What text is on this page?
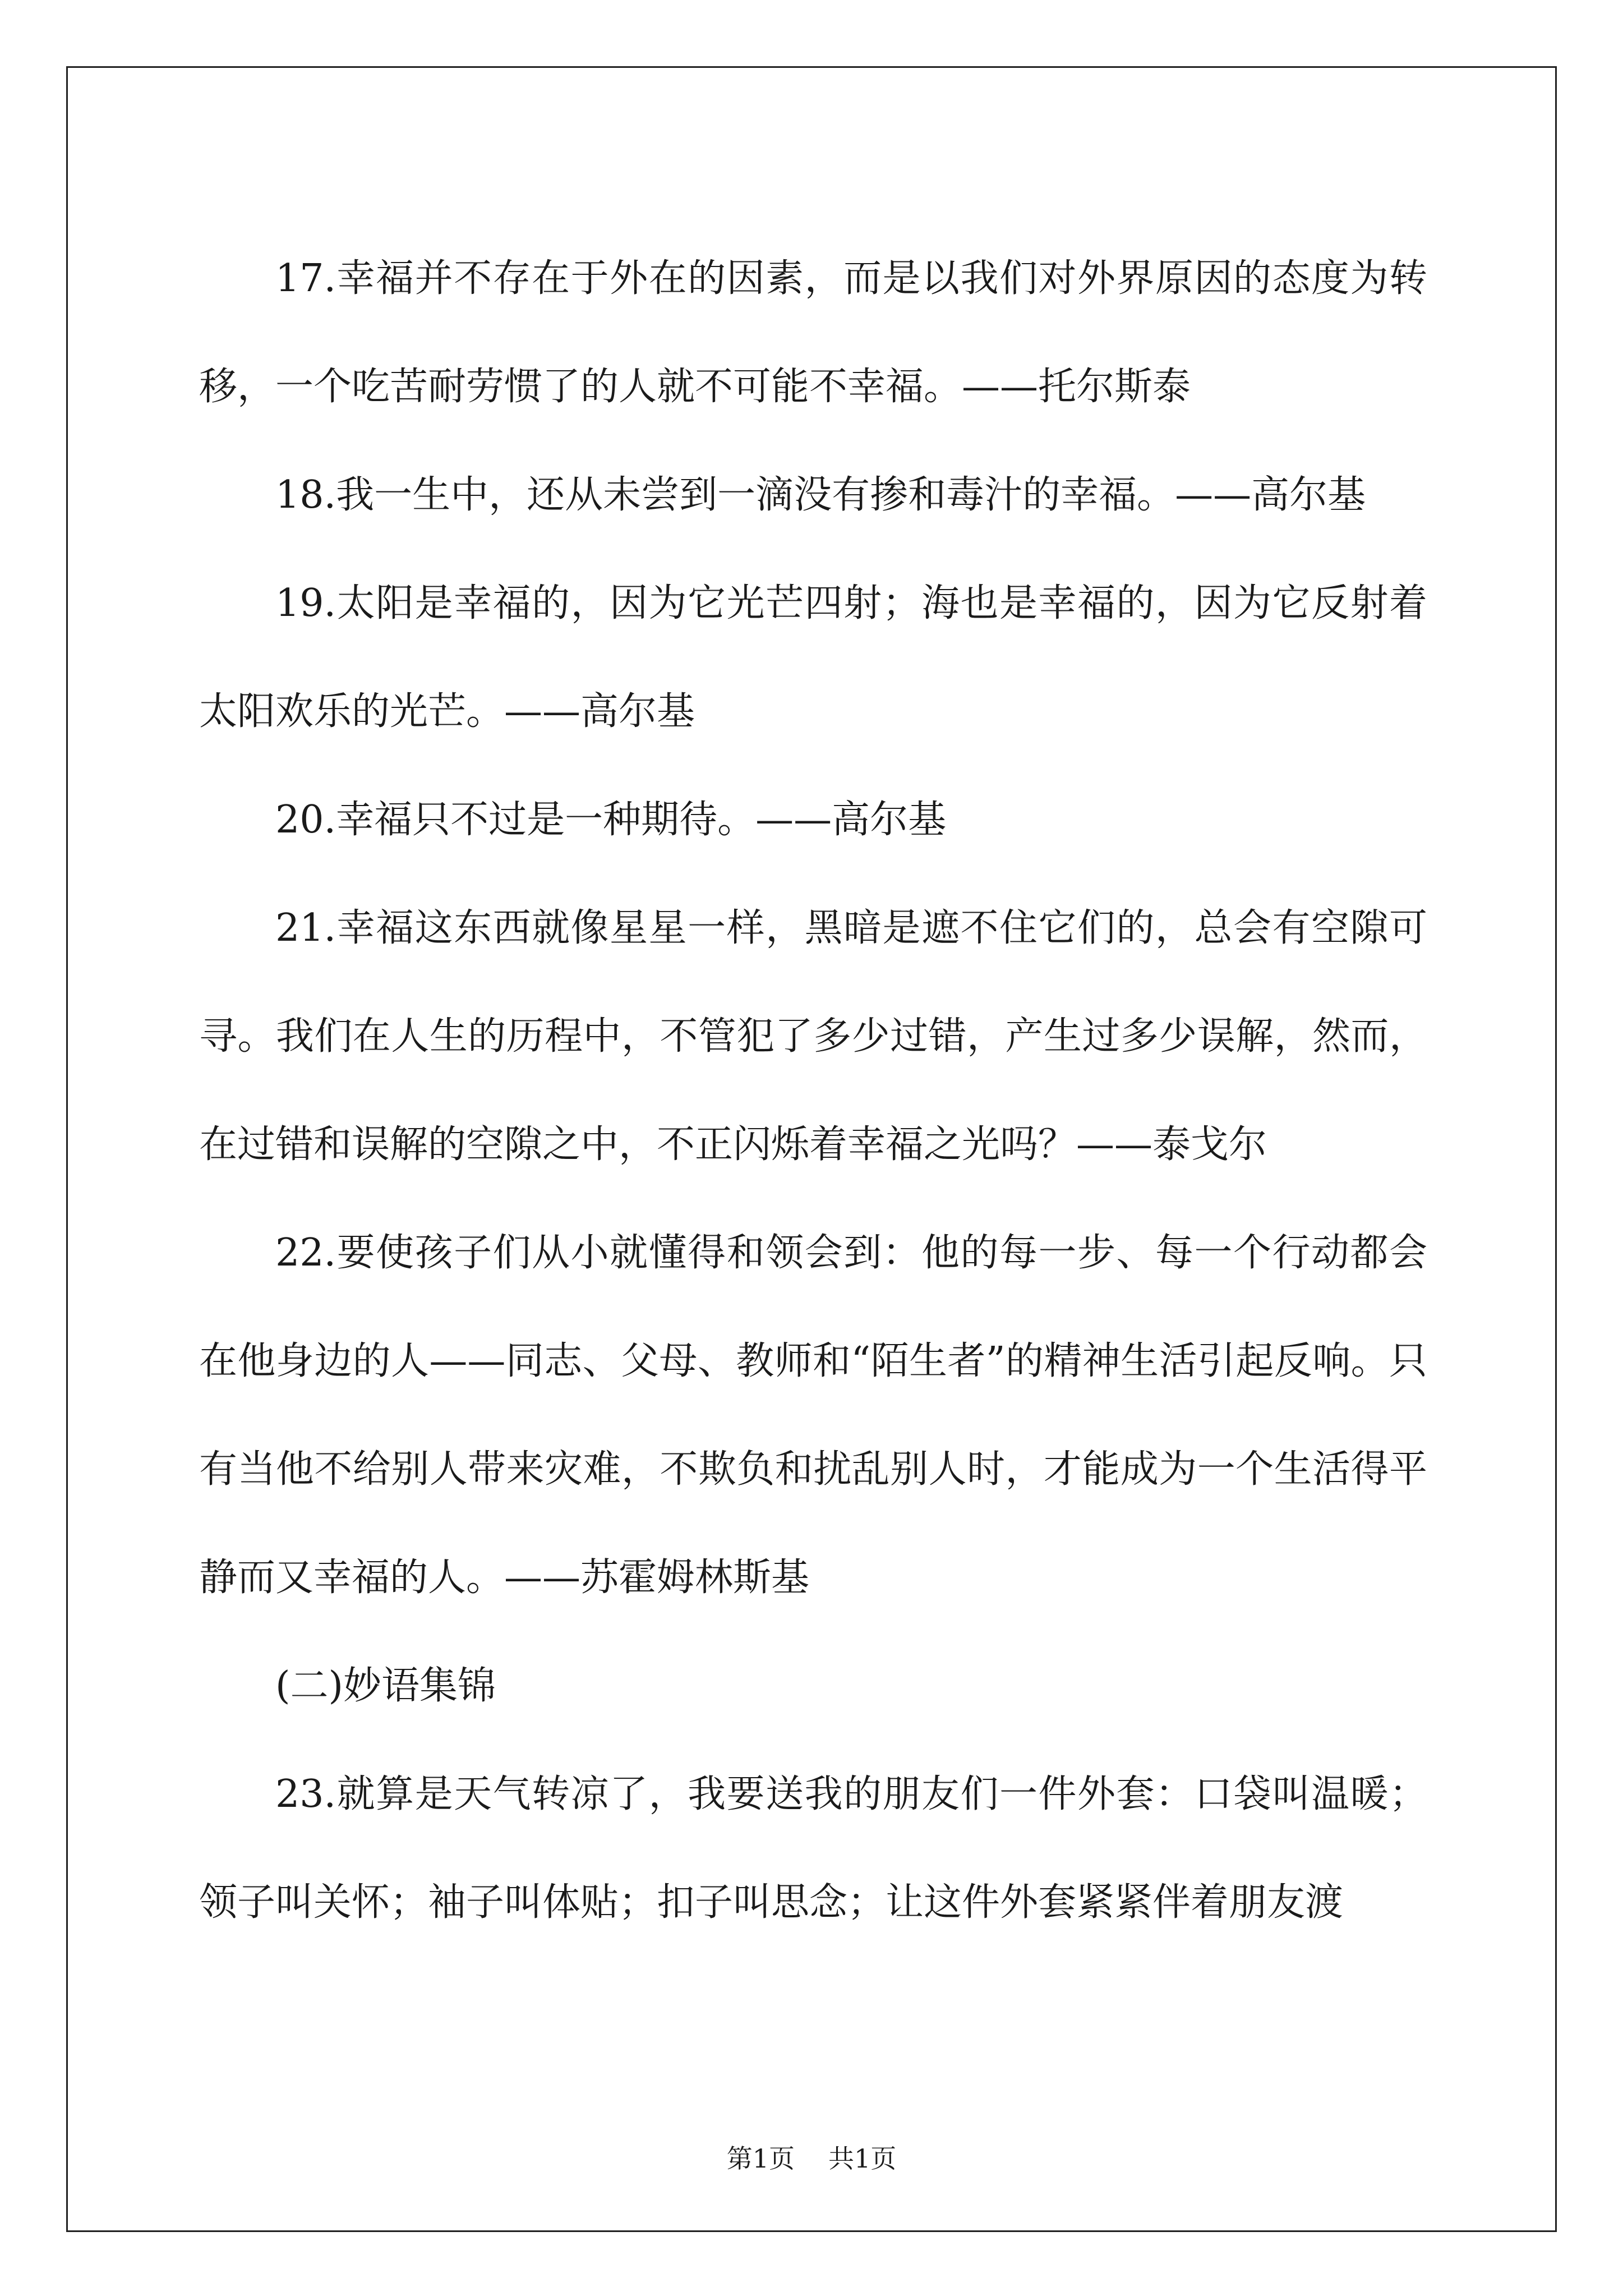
17.幸福并不存在于外在的因素，而是以我们对外界原因的态度为转移，一个吃苦耐劳惯了的人就不可能不幸福。——托尔斯泰

18.我一生中，还从未尝到一滴没有掺和毒汁的幸福。——高尔基

19.太阳是幸福的，因为它光芒四射；海也是幸福的，因为它反射着太阳欢乐的光芒。——高尔基

20.幸福只不过是一种期待。——高尔基

21.幸福这东西就像星星一样，黑暗是遮不住它们的，总会有空隙可寻。我们在人生的历程中，不管犯了多少过错，产生过多少误解，然而，在过错和误解的空隙之中，不正闪烁着幸福之光吗？——泰戈尔

22.要使孩子们从小就懂得和领会到：他的每一步、每一个行动都会在他身边的人——同志、父母、教师和“陌生者”的精神生活引起反响。只有当他不给别人带来灾难，不欺负和扰乱别人时，才能成为一个生活得平静而又幸福的人。——苏霍姆林斯基

(二)妙语集锦

23.就算是天气转凉了，我要送我的朋友们一件外套：口袋叫温暖；领子叫关怀；袖子叫体贴；扣子叫思念；让这件外套紧紧伴着朋友渡

第1页 共1页
